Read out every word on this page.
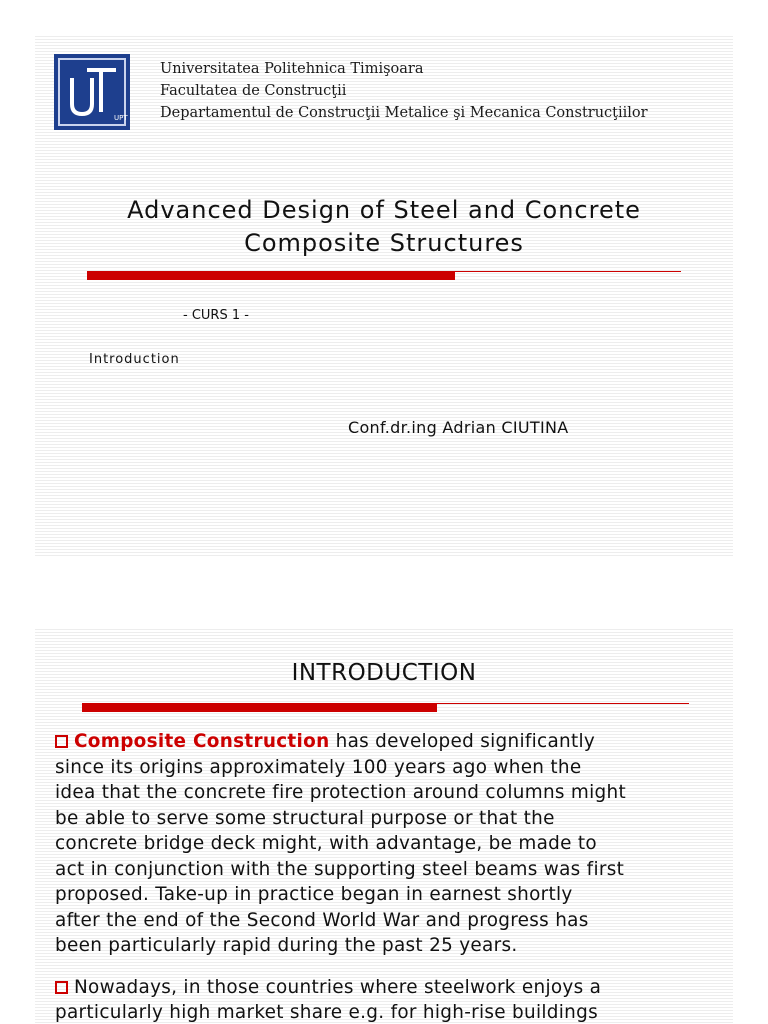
UPT
Universitatea Politehnica Timişoara
Facultatea de Construcţii
Departamentul de Construcţii Metalice şi Mecanica Construcţiilor
Advanced Design of Steel and Concrete
Composite Structures
- CURS 1 -
Introduction
Conf.dr.ing Adrian CIUTINA
INTRODUCTION

Composite Construction has developed significantly

since its origins approximately 100 years ago when the

idea that the concrete fire protection around columns might

be able to serve some structural purpose or that the

concrete bridge deck might, with advantage, be made to

act in conjunction with the supporting steel beams was first

proposed. Take-up in practice began in earnest shortly

after the end of the Second World War and progress has

been particularly rapid during the past 25 years.

Nowadays, in those countries where steelwork enjoys a

particularly high market share e.g. for high-rise buildings
